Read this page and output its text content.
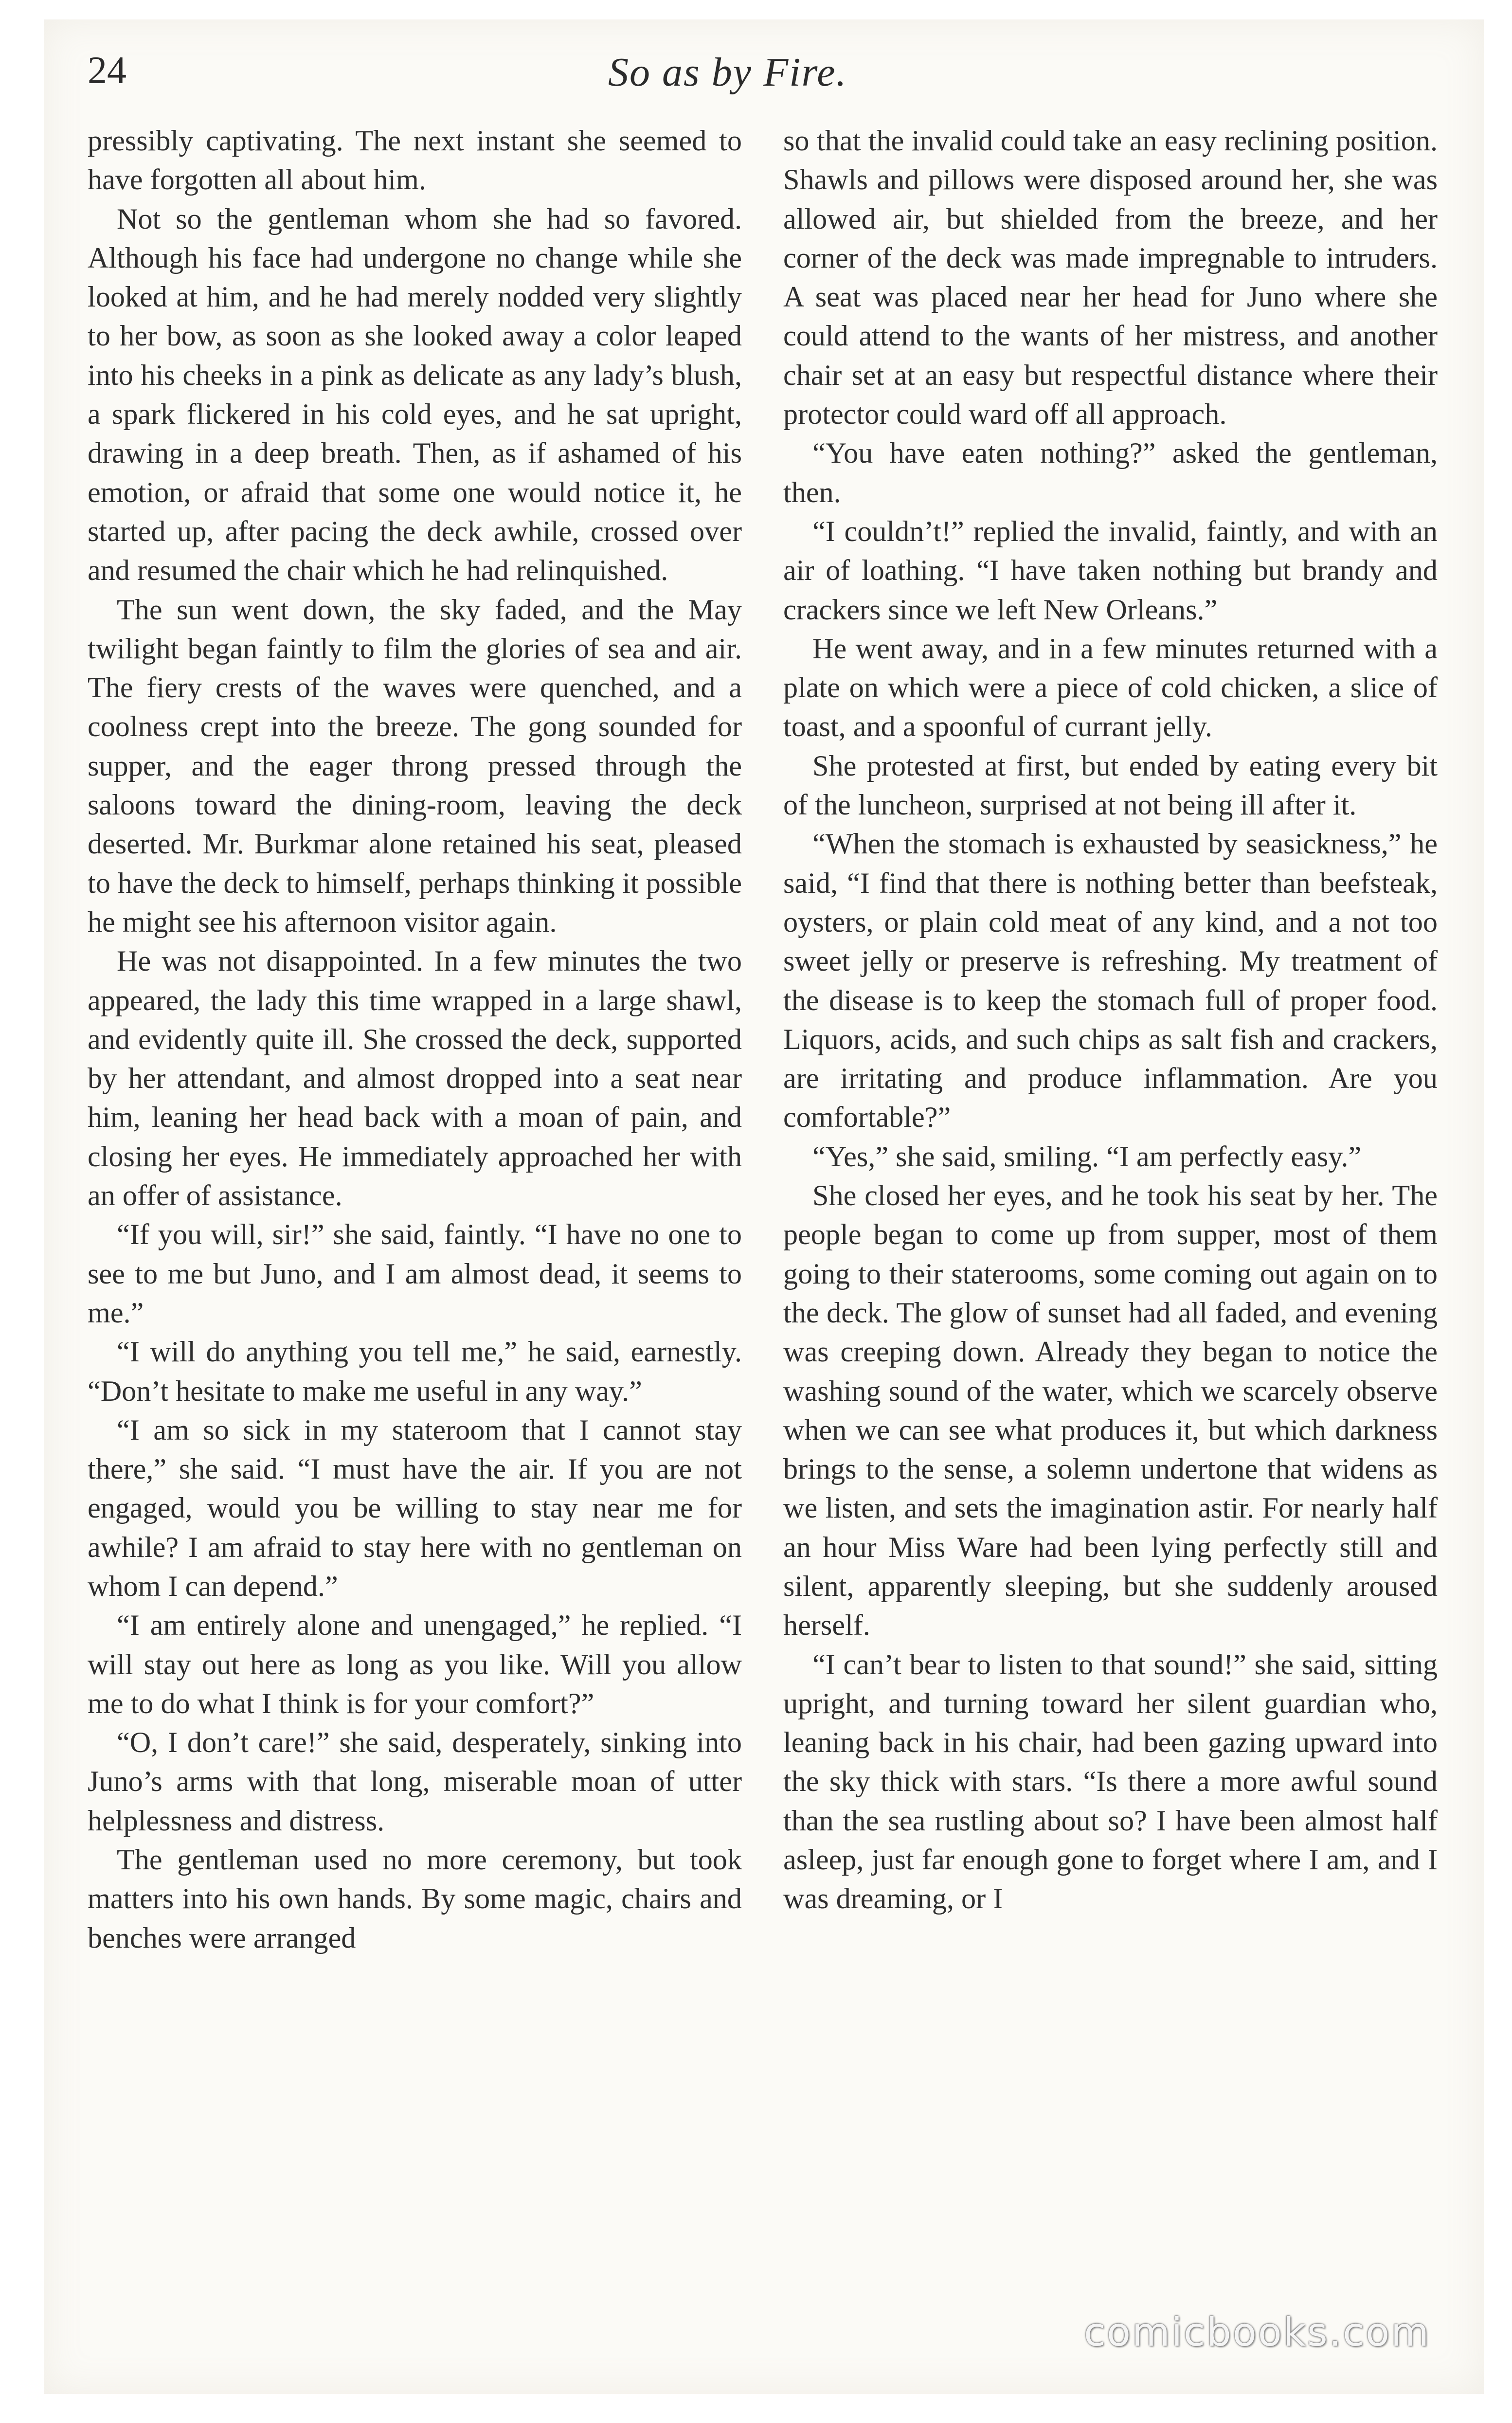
24	So as by Fire.

pressibly captivating. The next instant she seemed to have forgotten all about him.

Not so the gentleman whom she had so favored. Although his face had undergone no change while she looked at him, and he had merely nodded very slightly to her bow, as soon as she looked away a color leaped into his cheeks in a pink as delicate as any lady’s blush, a spark flickered in his cold eyes, and he sat upright, drawing in a deep breath. Then, as if ashamed of his emotion, or afraid that some one would notice it, he started up, after pacing the deck awhile, crossed over and resumed the chair which he had relinquished.

The sun went down, the sky faded, and the May twilight began faintly to film the glories of sea and air. The fiery crests of the waves were quenched, and a coolness crept into the breeze. The gong sounded for supper, and the eager throng pressed through the saloons toward the dining-room, leaving the deck deserted. Mr. Burkmar alone retained his seat, pleased to have the deck to himself, perhaps thinking it possible he might see his afternoon visitor again.

He was not disappointed. In a few minutes the two appeared, the lady this time wrapped in a large shawl, and evidently quite ill. She crossed the deck, supported by her attendant, and almost dropped into a seat near him, leaning her head back with a moan of pain, and closing her eyes. He immediately approached her with an offer of assistance.

“If you will, sir!” she said, faintly. “I have no one to see to me but Juno, and I am almost dead, it seems to me.”

“I will do anything you tell me,” he said, earnestly. “Don’t hesitate to make me useful in any way.”

“I am so sick in my stateroom that I cannot stay there,” she said. “I must have the air. If you are not engaged, would you be willing to stay near me for awhile? I am afraid to stay here with no gentleman on whom I can depend.”

“I am entirely alone and unengaged,” he replied. “I will stay out here as long as you like. Will you allow me to do what I think is for your comfort?”

“O, I don’t care!” she said, desperately, sinking into Juno’s arms with that long, miserable moan of utter helplessness and distress.

The gentleman used no more ceremony, but took matters into his own hands. By some magic, chairs and benches were arranged

so that the invalid could take an easy reclining position. Shawls and pillows were disposed around her, she was allowed air, but shielded from the breeze, and her corner of the deck was made impregnable to intruders. A seat was placed near her head for Juno where she could attend to the wants of her mistress, and another chair set at an easy but respectful distance where their protector could ward off all approach.

“You have eaten nothing?” asked the gentleman, then.

“I couldn’t!” replied the invalid, faintly, and with an air of loathing. “I have taken nothing but brandy and crackers since we left New Orleans.”

He went away, and in a few minutes returned with a plate on which were a piece of cold chicken, a slice of toast, and a spoonful of currant jelly.

She protested at first, but ended by eating every bit of the luncheon, surprised at not being ill after it.

“When the stomach is exhausted by seasickness,” he said, “I find that there is nothing better than beefsteak, oysters, or plain cold meat of any kind, and a not too sweet jelly or preserve is refreshing. My treatment of the disease is to keep the stomach full of proper food. Liquors, acids, and such chips as salt fish and crackers, are irritating and produce inflammation. Are you comfortable?”

“Yes,” she said, smiling. “I am perfectly easy.”

She closed her eyes, and he took his seat by her. The people began to come up from supper, most of them going to their staterooms, some coming out again on to the deck. The glow of sunset had all faded, and evening was creeping down. Already they began to notice the washing sound of the water, which we scarcely observe when we can see what produces it, but which darkness brings to the sense, a solemn undertone that widens as we listen, and sets the imagination astir. For nearly half an hour Miss Ware had been lying perfectly still and silent, apparently sleeping, but she suddenly aroused herself.

“I can’t bear to listen to that sound!” she said, sitting upright, and turning toward her silent guardian who, leaning back in his chair, had been gazing upward into the sky thick with stars. “Is there a more awful sound than the sea rustling about so? I have been almost half asleep, just far enough gone to forget where I am, and I was dreaming, or I

comicbooks.com
